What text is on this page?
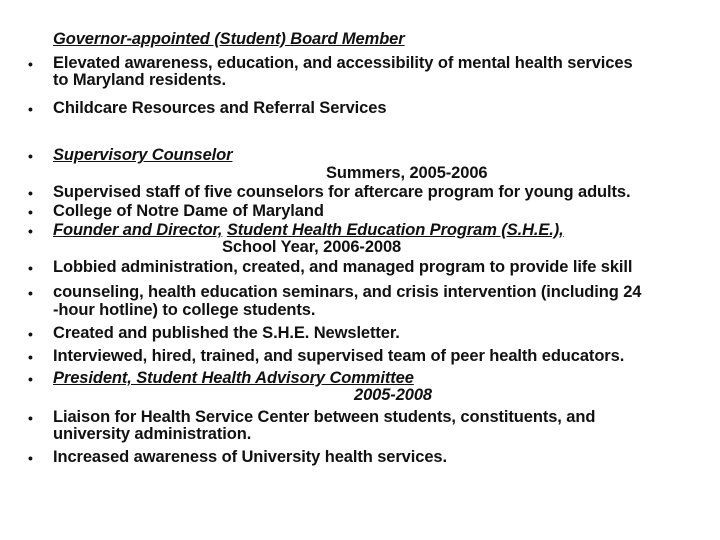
Governor-appointed (Student) Board Member
• Elevated awareness, education, and accessibility of mental health services
to Maryland residents.
• Childcare Resources and Referral Services
• Supervisory Counselor
Summers, 2005-2006
• Supervised staff of five counselors for aftercare program for young adults.
• College of Notre Dame of Maryland
• Founder and Director, Student Health Education Program (S.H.E.),
School Year, 2006-2008
• Lobbied administration, created, and managed program to provide life skill
• counseling, health education seminars, and crisis intervention (including 24
-hour hotline) to college students.
• Created and published the S.H.E. Newsletter.
• Interviewed, hired, trained, and supervised team of peer health educators.
• President, Student Health Advisory Committee
2005-2008
• Liaison for Health Service Center between students, constituents, and
university administration.
• Increased awareness of University health services.
